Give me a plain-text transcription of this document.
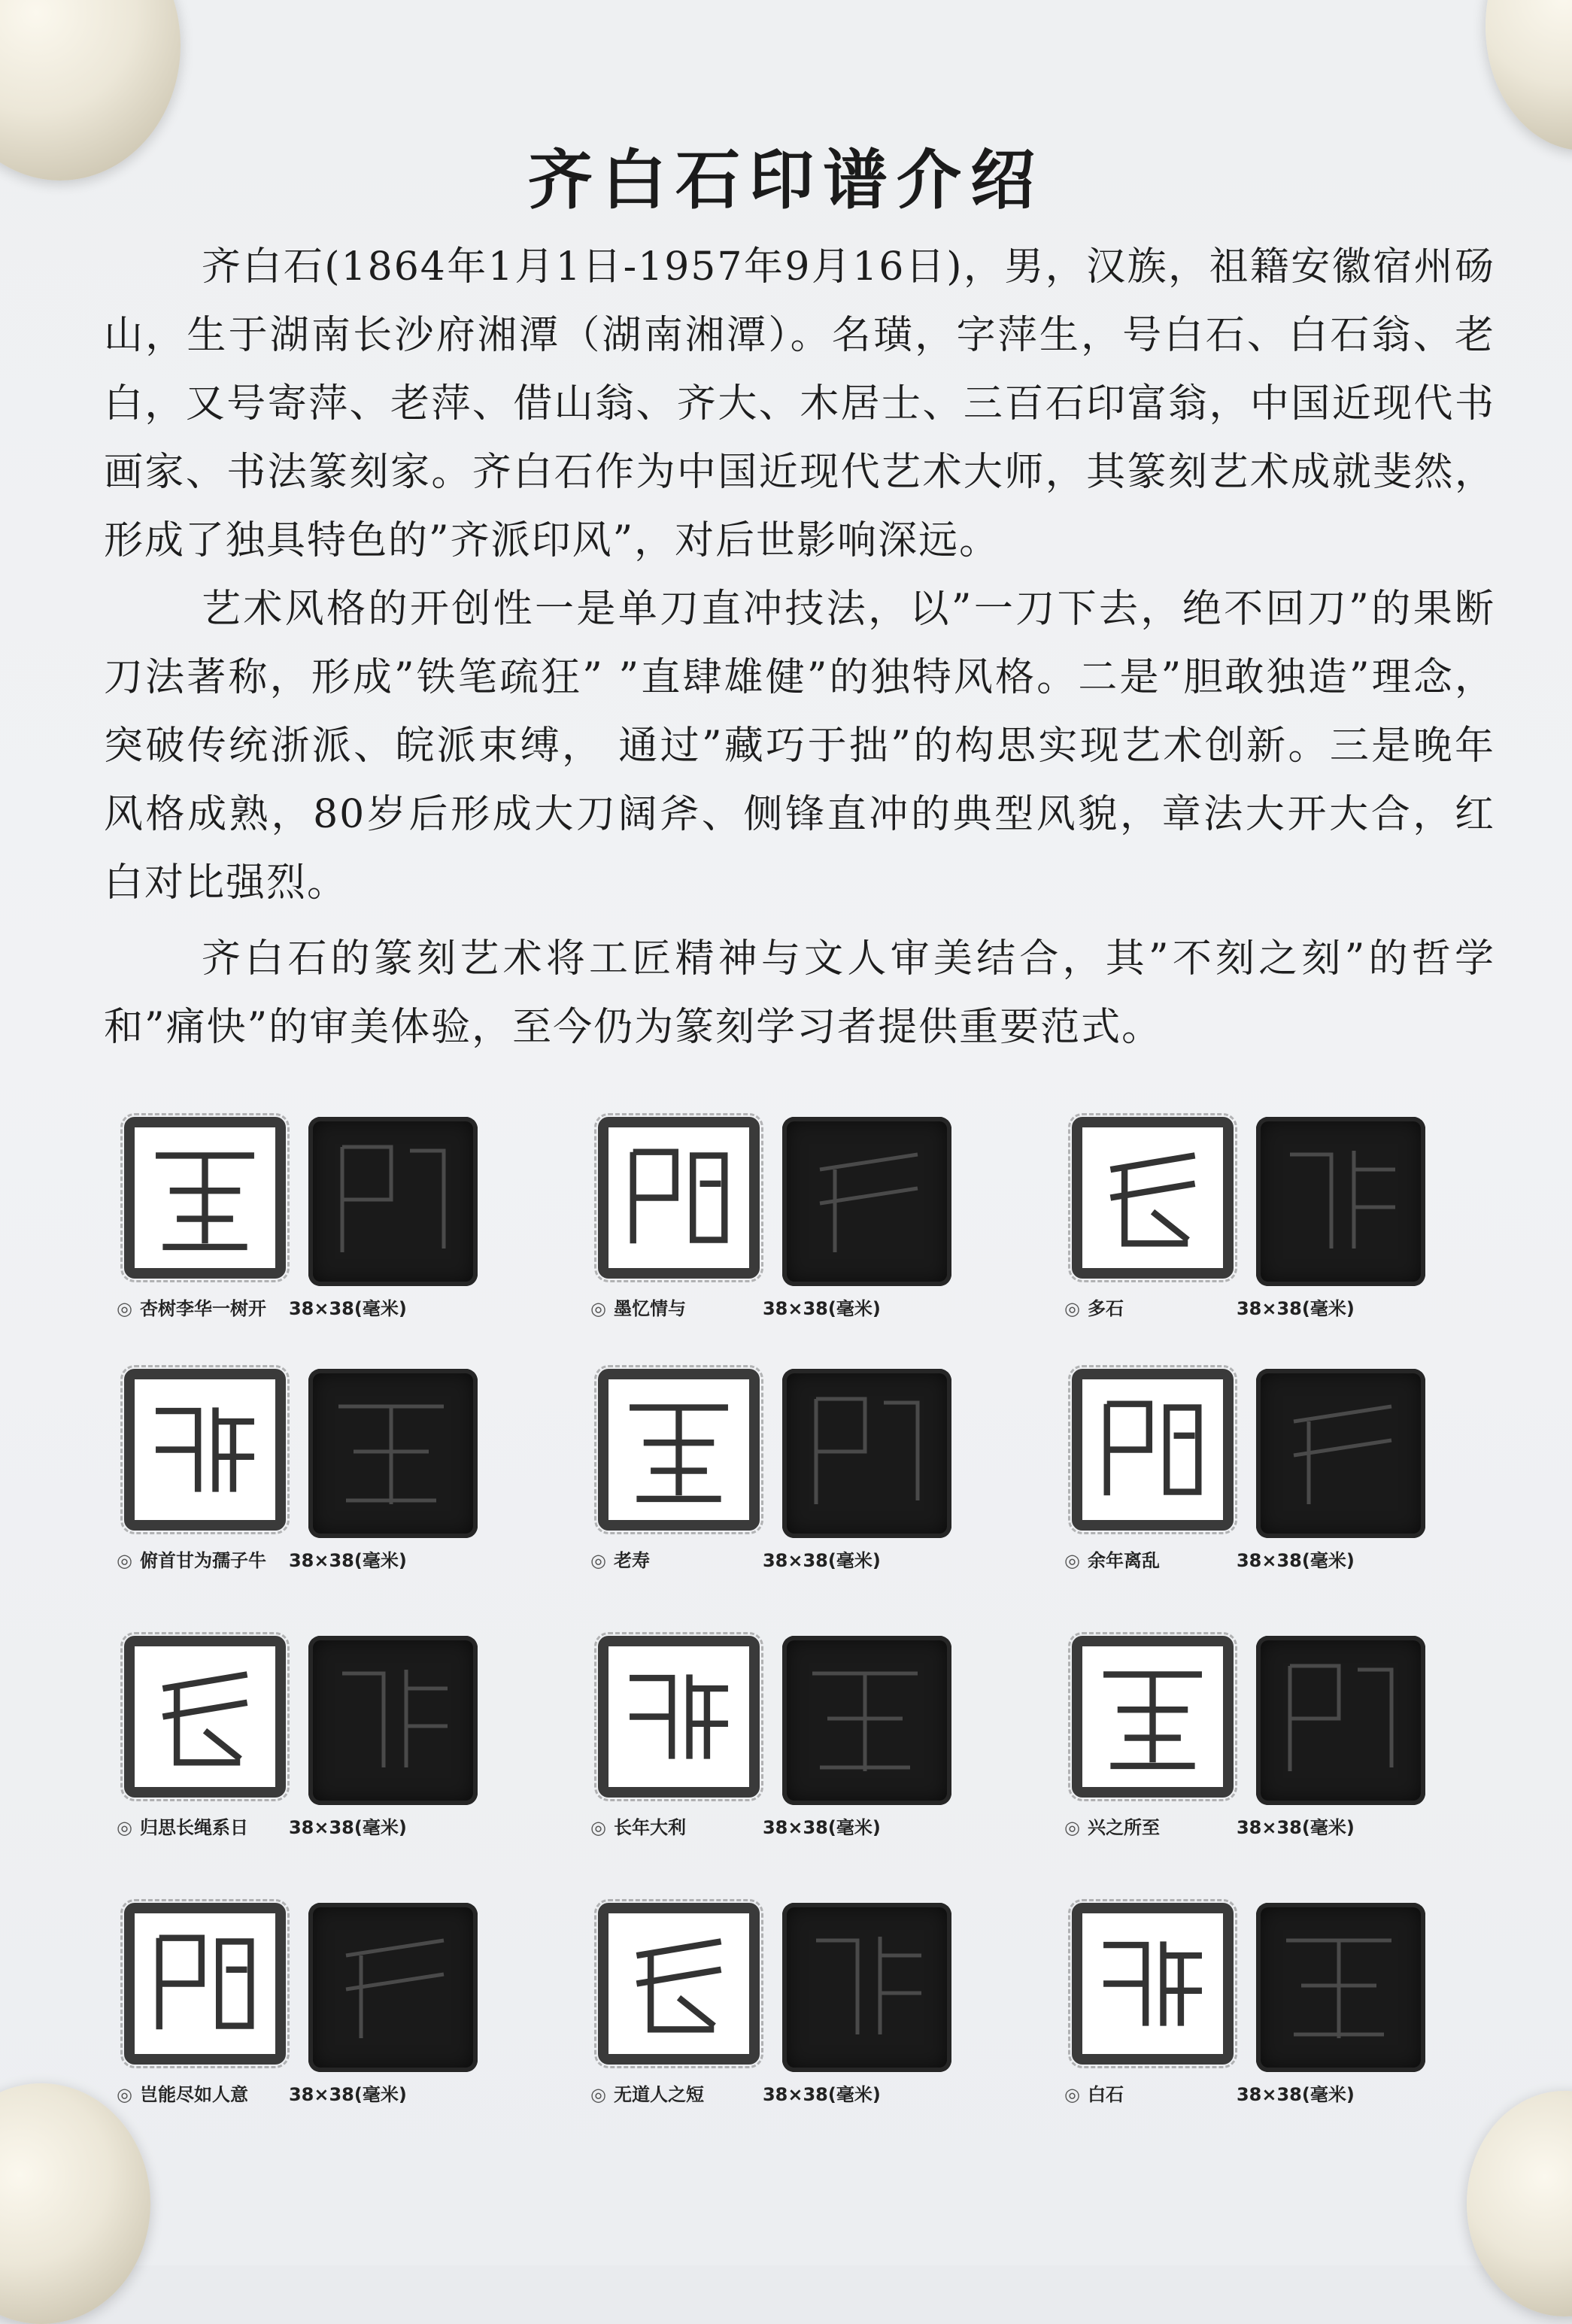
齐白石印谱介绍
齐白石(1864年1月1日-1957年9月16日)，男，汉族，祖籍安徽宿州砀山，生于湖南长沙府湘潭（湖南湘潭）。名璜，字萍生，号白石、白石翁、老白，又号寄萍、老萍、借山翁、齐大、木居士、三百石印富翁，中国近现代书画家、书法篆刻家。齐白石作为中国近现代艺术大师，其篆刻艺术成就斐然，形成了独具特色的”齐派印风”，对后世影响深远。
艺术风格的开创性一是单刀直冲技法，以”一刀下去，绝不回刀”的果断刀法著称，形成”铁笔疏狂” ”直肆雄健”的独特风格。二是”胆敢独造”理念，突破传统浙派、皖派束缚， 通过”藏巧于拙”的构思实现艺术创新。三是晚年风格成熟，80岁后形成大刀阔斧、侧锋直冲的典型风貌，章法大开大合，红白对比强烈。
齐白石的篆刻艺术将工匠精神与文人审美结合，其”不刻之刻”的哲学和”痛快”的审美体验，至今仍为篆刻学习者提供重要范式。
◎ 杏树李华一树开 38×38(毫米)	◎ 墨忆情与	38×38(毫米)	◎ 多石	38×38(毫米)
◎ 俯首甘为孺子牛 38×38(毫米)	◎ 老寿	38×38(毫米)	◎ 余年离乱	38×38(毫米)
◎ 归思长绳系日 38×38(毫米)	◎ 长年大利	38×38(毫米)	◎ 兴之所至	38×38(毫米)
◎ 岂能尽如人意 38×38(毫米)	◎ 无道人之短	38×38(毫米)	◎ 白石	38×38(毫米)
